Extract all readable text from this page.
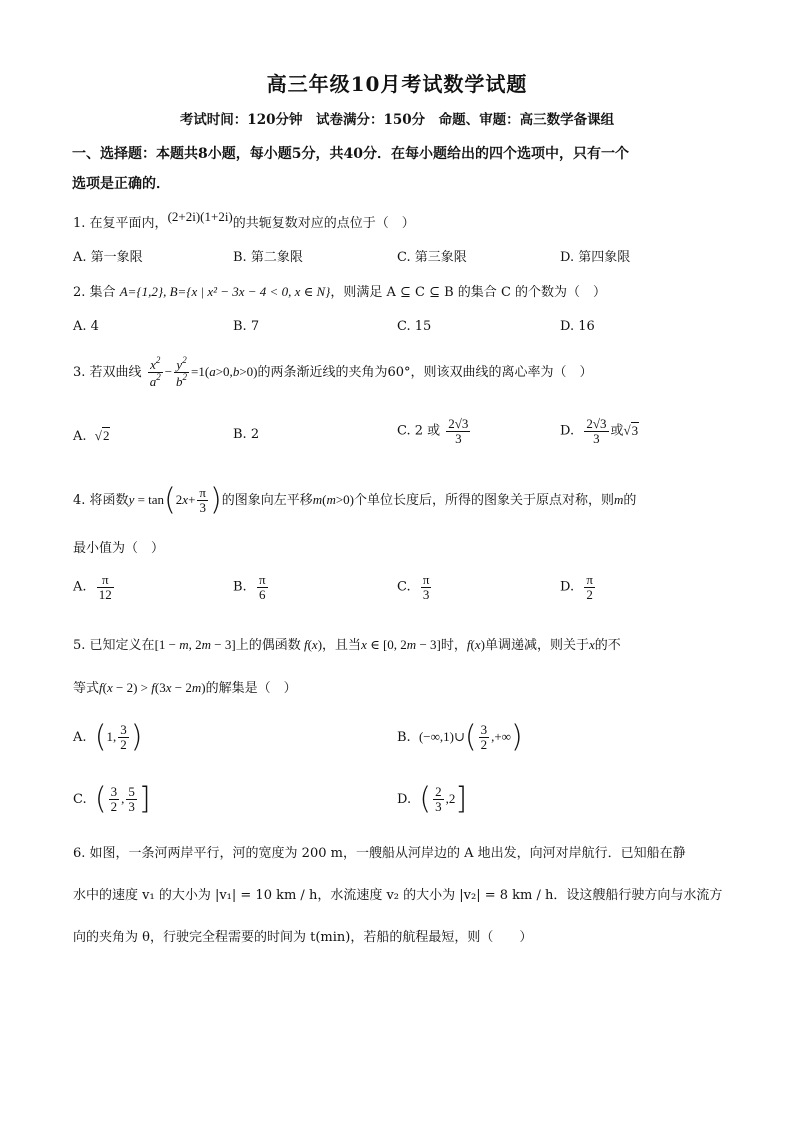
高三年级10月考试数学试题
考试时间：120分钟　试卷满分：150分　命题、审题：高三数学备课组
一、选择题：本题共8小题，每小题5分，共40分．在每小题给出的四个选项中，只有一个
选项是正确的．
1. 在复平面内，(2+2i)(1+2i)的共轭复数对应的点位于（　）
A. 第一象限	B. 第二象限	C. 第三象限	D. 第四象限
2. 集合 A={1,2}, B={x | x² − 3x − 4 < 0, x ∈ N}，则满足 A ⊆ C ⊆ B 的集合 C 的个数为（　）
A. 4	B. 7	C. 15	D. 16
3. 若双曲线 $\frac{x^2}{a^2} - \frac{y^2}{b^2} =1(a>0,b>0)$的两条渐近线的夹角为60°，则该双曲线的离心率为（　）
A. √2	B. 2	C. 2 或 $\frac{2√3}{3}$	D. $\frac{2√3}{3}$ 或√3
4. 将函数$y = \tan(2x+ \frac{\pi}{3}$ )的图象向左平移m(m>0)个单位长度后，所得的图象关于原点对称，则m的
最小值为（　）
A. $\frac{\pi}{12}$	B. $\frac{\pi}{6}$	C. $\frac{\pi}{3}$	D. $\frac{\pi}{2}$
5. 已知定义在[1 − m, 2m − 3]上的偶函数 f(x)，且当x ∈ [0, 2m − 3]时，f(x)单调递减，则关于x的不
等式f(x − 2) > f(3x − 2m)的解集是（　）
A. (1, $\frac{3}{2}$ )	B. (−∞,1)∪( $\frac{3}{2}$ ,+∞)
C. ( $\frac{3}{2}$ , $\frac{5}{3}$ ]	D. ( $\frac{2}{3} ,2$]
6. 如图，一条河两岸平行，河的宽度为 200 m，一艘船从河岸边的 A 地出发，向河对岸航行．已知船在静
水中的速度 v₁ 的大小为 |v₁| = 10 km / h，水流速度 v₂ 的大小为 |v₂| = 8 km / h．设这艘船行驶方向与水流方
向的夹角为 θ，行驶完全程需要的时间为 t(min)，若船的航程最短，则（　　）
